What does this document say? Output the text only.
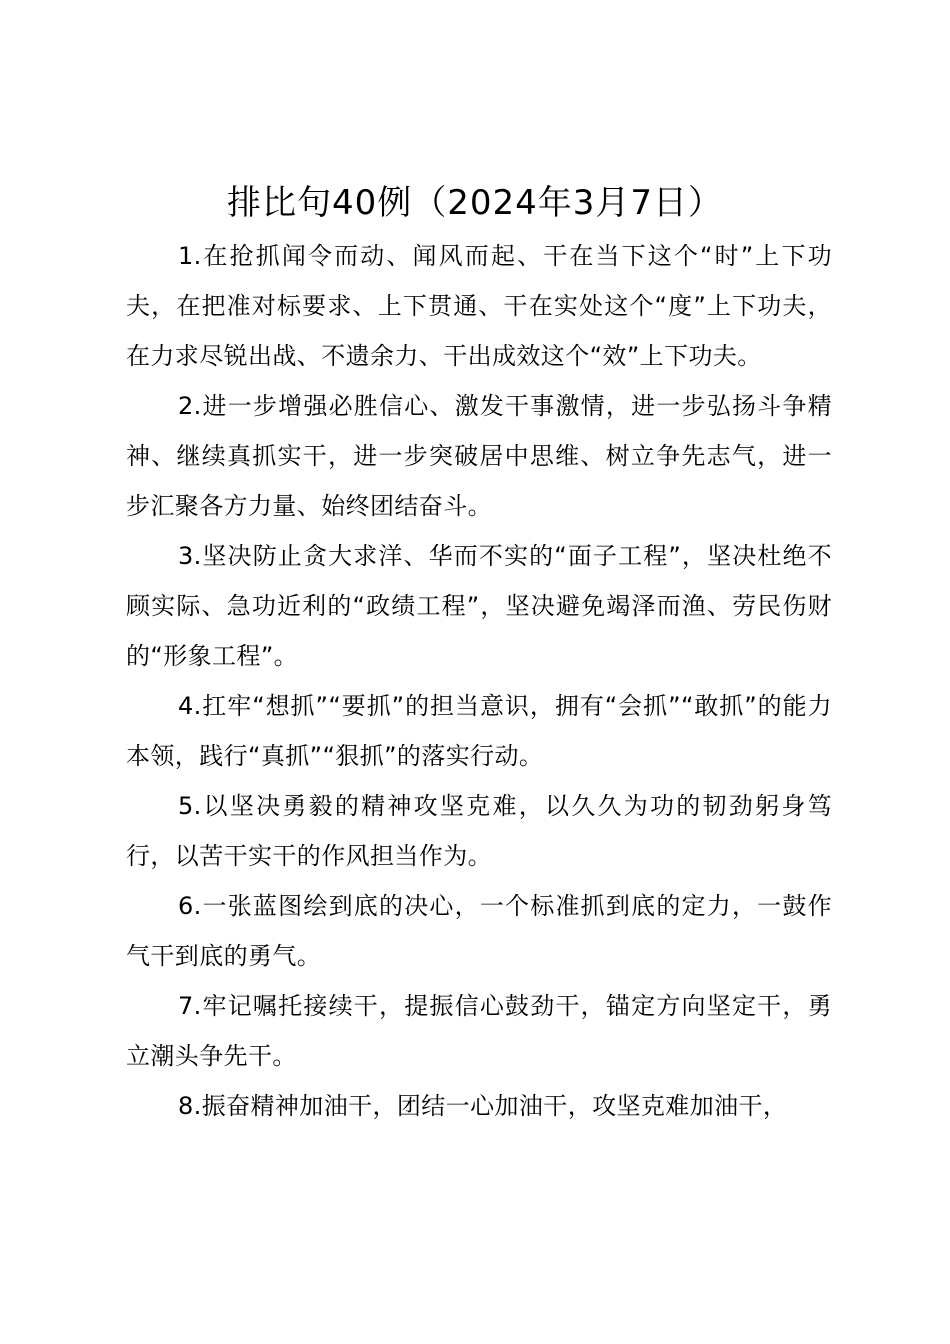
排比句40例（2024年3月7日）

1.在抢抓闻令而动、闻风而起、干在当下这个“时”上下功夫，在把准对标要求、上下贯通、干在实处这个“度”上下功夫，在力求尽锐出战、不遗余力、干出成效这个“效”上下功夫。

2.进一步增强必胜信心、激发干事激情，进一步弘扬斗争精神、继续真抓实干，进一步突破居中思维、树立争先志气，进一步汇聚各方力量、始终团结奋斗。

3.坚决防止贪大求洋、华而不实的“面子工程”，坚决杜绝不顾实际、急功近利的“政绩工程”，坚决避免竭泽而渔、劳民伤财的“形象工程”。

4.扛牢“想抓”“要抓”的担当意识，拥有“会抓”“敢抓”的能力本领，践行“真抓”“狠抓”的落实行动。

5.以坚决勇毅的精神攻坚克难，以久久为功的韧劲躬身笃行，以苦干实干的作风担当作为。

6.一张蓝图绘到底的决心，一个标准抓到底的定力，一鼓作气干到底的勇气。

7.牢记嘱托接续干，提振信心鼓劲干，锚定方向坚定干，勇立潮头争先干。

8.振奋精神加油干，团结一心加油干，攻坚克难加油干，
